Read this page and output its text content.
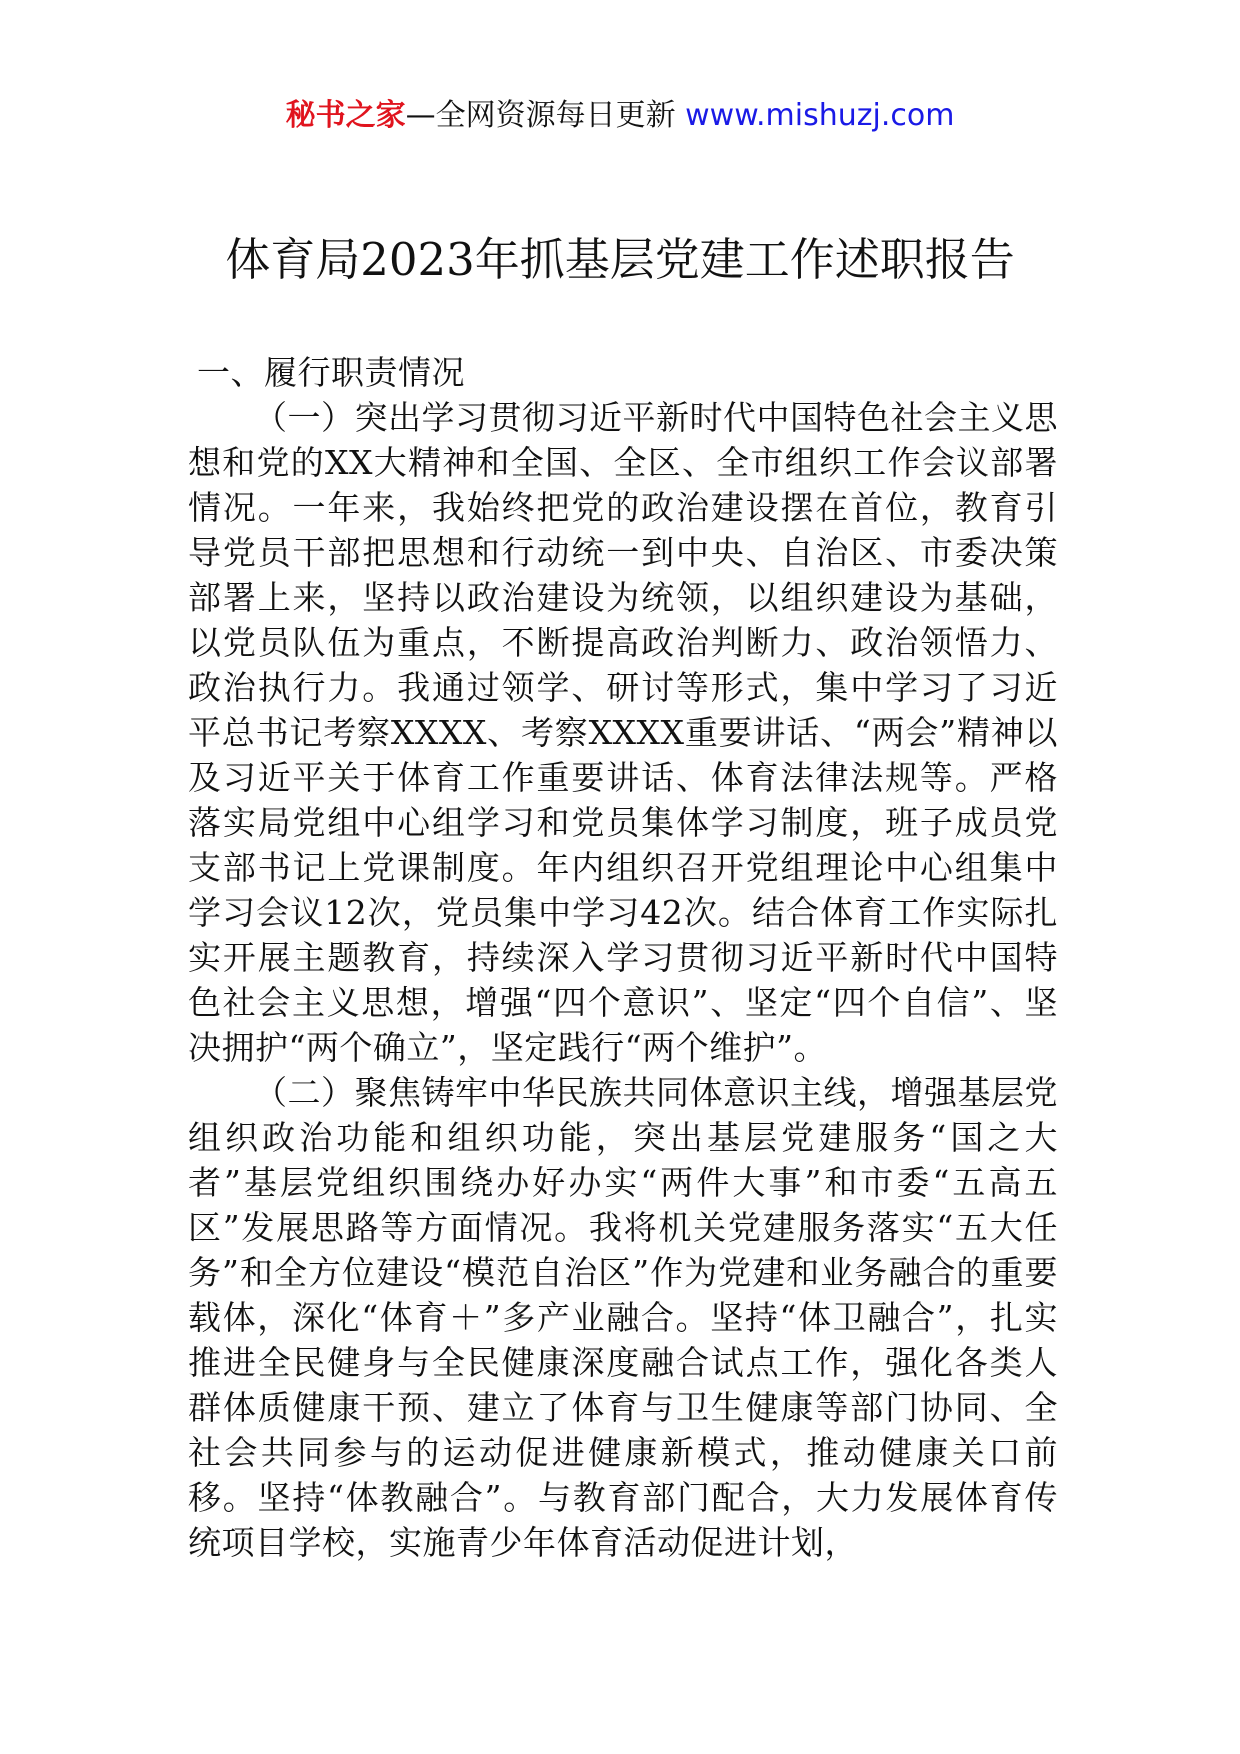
秘书之家—全网资源每日更新 www.mishuzj.com
体育局2023年抓基层党建工作述职报告

一、履行职责情况

（一）突出学习贯彻习近平新时代中国特色社会主义思想和党的XX大精神和全国、全区、全市组织工作会议部署情况。一年来，我始终把党的政治建设摆在首位，教育引导党员干部把思想和行动统一到中央、自治区、市委决策部署上来，坚持以政治建设为统领，以组织建设为基础，以党员队伍为重点，不断提高政治判断力、政治领悟力、政治执行力。我通过领学、研讨等形式，集中学习了习近平总书记考察XXXX、考察XXXX重要讲话、“两会”精神以及习近平关于体育工作重要讲话、体育法律法规等。严格落实局党组中心组学习和党员集体学习制度，班子成员党支部书记上党课制度。年内组织召开党组理论中心组集中学习会议12次，党员集中学习42次。结合体育工作实际扎实开展主题教育，持续深入学习贯彻习近平新时代中国特色社会主义思想，增强“四个意识”、坚定“四个自信”、坚决拥护“两个确立”，坚定践行“两个维护”。

（二）聚焦铸牢中华民族共同体意识主线，增强基层党组织政治功能和组织功能，突出基层党建服务“国之大者”基层党组织围绕办好办实“两件大事”和市委“五高五区”发展思路等方面情况。我将机关党建服务落实“五大任务”和全方位建设“模范自治区”作为党建和业务融合的重要载体，深化“体育＋”多产业融合。坚持“体卫融合”，扎实推进全民健身与全民健康深度融合试点工作，强化各类人群体质健康干预、建立了体育与卫生健康等部门协同、全社会共同参与的运动促进健康新模式，推动健康关口前移。坚持“体教融合”。与教育部门配合，大力发展体育传统项目学校，实施青少年体育活动促进计划，
